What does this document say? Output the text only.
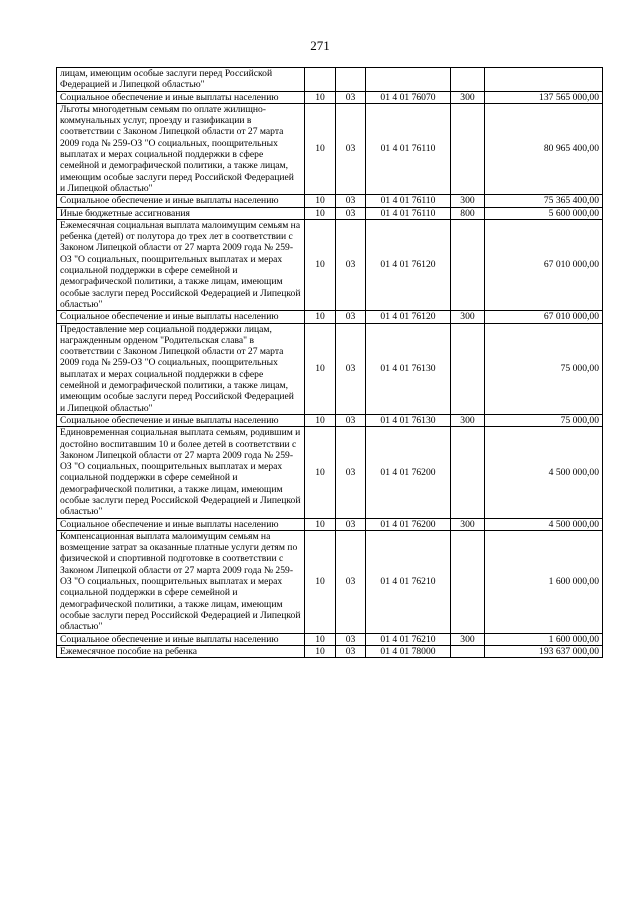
271
лицам, имеющим особые заслуги перед Российской Федерацией и Липецкой областью"					
Социальное обеспечение и иные выплаты населению	10	03	01 4 01 76070	300	137 565 000,00
Льготы многодетным семьям по оплате жилищно-коммунальных услуг, проезду и газификации в соответствии с Законом Липецкой области от 27 марта 2009 года № 259-ОЗ "О социальных, поощрительных выплатах и мерах социальной поддержки в сфере семейной и демографической политики, а также лицам, имеющим особые заслуги перед Российской Федерацией и Липецкой областью"	10	03	01 4 01 76110		80 965 400,00
Социальное обеспечение и иные выплаты населению	10	03	01 4 01 76110	300	75 365 400,00
Иные бюджетные ассигнования	10	03	01 4 01 76110	800	5 600 000,00
Ежемесячная социальная выплата малоимущим семьям на ребенка (детей) от полутора до трех лет в соответствии с Законом Липецкой области от 27 марта 2009 года № 259-ОЗ "О социальных, поощрительных выплатах и мерах социальной поддержки в сфере семейной и демографической политики, а также лицам, имеющим особые заслуги перед Российской Федерацией и Липецкой областью"	10	03	01 4 01 76120		67 010 000,00
Социальное обеспечение и иные выплаты населению	10	03	01 4 01 76120	300	67 010 000,00
Предоставление мер социальной поддержки лицам, награжденным орденом "Родительская слава" в соответствии с Законом Липецкой области от 27 марта 2009 года № 259-ОЗ "О социальных, поощрительных выплатах и мерах социальной поддержки в сфере семейной и демографической политики, а также лицам, имеющим особые заслуги перед Российской Федерацией и Липецкой областью"	10	03	01 4 01 76130		75 000,00
Социальное обеспечение и иные выплаты населению	10	03	01 4 01 76130	300	75 000,00
Единовременная социальная выплата семьям, родившим и достойно воспитавшим 10 и более детей в соответствии с Законом Липецкой области от 27 марта 2009 года № 259-ОЗ "О социальных, поощрительных выплатах и мерах социальной поддержки в сфере семейной и демографической политики, а также лицам, имеющим особые заслуги перед Российской Федерацией и Липецкой областью"	10	03	01 4 01 76200		4 500 000,00
Социальное обеспечение и иные выплаты населению	10	03	01 4 01 76200	300	4 500 000,00
Компенсационная выплата малоимущим семьям на возмещение затрат за оказанные платные услуги детям по физической и спортивной подготовке в соответствии с Законом Липецкой области от 27 марта 2009 года № 259-ОЗ "О социальных, поощрительных выплатах и мерах социальной поддержки в сфере семейной и демографической политики, а также лицам, имеющим особые заслуги перед Российской Федерацией и Липецкой областью"	10	03	01 4 01 76210		1 600 000,00
Социальное обеспечение и иные выплаты населению	10	03	01 4 01 76210	300	1 600 000,00
Ежемесячное пособие на ребенка	10	03	01 4 01 78000		193 637 000,00
